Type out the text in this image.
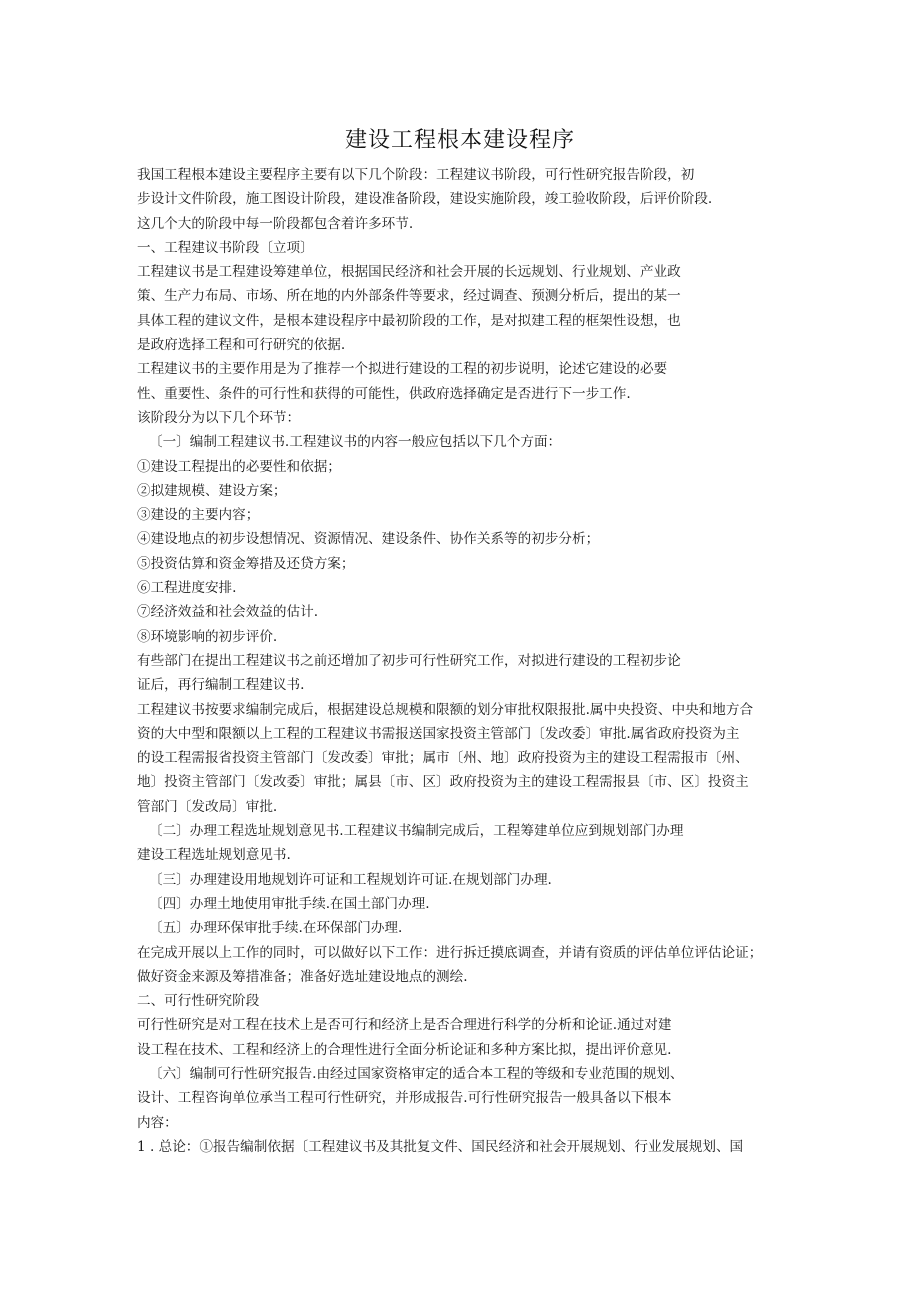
建设工程根本建设程序
我国工程根本建设主要程序主要有以下几个阶段：工程建议书阶段，可行性研究报告阶段，初
步设计文件阶段，施工图设计阶段，建设准备阶段，建设实施阶段，竣工验收阶段，后评价阶段.
这几个大的阶段中每一阶段都包含着许多环节.
一、工程建议书阶段〔立项〕
工程建议书是工程建设筹建单位，根据国民经济和社会开展的长远规划、行业规划、产业政
策、生产力布局、市场、所在地的内外部条件等要求，经过调查、预测分析后，提出的某一
具体工程的建议文件，是根本建设程序中最初阶段的工作，是对拟建工程的框架性设想，也
是政府选择工程和可行研究的依据.
工程建议书的主要作用是为了推荐一个拟进行建设的工程的初步说明，论述它建设的必要
性、重要性、条件的可行性和获得的可能性，供政府选择确定是否进行下一步工作.
该阶段分为以下几个环节：
〔一〕编制工程建议书.工程建议书的内容一般应包括以下几个方面：
①建设工程提出的必要性和依据；
②拟建规模、建设方案；
③建设的主要内容；
④建设地点的初步设想情况、资源情况、建设条件、协作关系等的初步分析；
⑤投资估算和资金筹措及还贷方案；
⑥工程进度安排.
⑦经济效益和社会效益的估计.
⑧环境影响的初步评价.
有些部门在提出工程建议书之前还增加了初步可行性研究工作，对拟进行建设的工程初步论
证后，再行编制工程建议书.
工程建议书按要求编制完成后，根据建设总规模和限额的划分审批权限报批.属中央投资、中央和地方合
资的大中型和限额以上工程的工程建议书需报送国家投资主管部门〔发改委〕审批.属省政府投资为主
的设工程需报省投资主管部门〔发改委〕审批；属市〔州、地〕政府投资为主的建设工程需报市〔州、
地〕投资主管部门〔发改委〕审批；属县〔市、区〕政府投资为主的建设工程需报县〔市、区〕投资主
管部门〔发改局〕审批.
〔二〕办理工程选址规划意见书.工程建议书编制完成后，工程筹建单位应到规划部门办理
建设工程选址规划意见书.
〔三〕办理建设用地规划许可证和工程规划许可证.在规划部门办理.
〔四〕办理土地使用审批手续.在国土部门办理.
〔五〕办理环保审批手续.在环保部门办理.
在完成开展以上工作的同时，可以做好以下工作：进行拆迁摸底调查，并请有资质的评估单位评估论证；
做好资金来源及筹措准备；准备好选址建设地点的测绘.
二、可行性研究阶段
可行性研究是对工程在技术上是否可行和经济上是否合理进行科学的分析和论证.通过对建
设工程在技术、工程和经济上的合理性进行全面分析论证和多种方案比拟，提出评价意见.
〔六〕编制可行性研究报告.由经过国家资格审定的适合本工程的等级和专业范围的规划、
设计、工程咨询单位承当工程可行性研究，并形成报告.可行性研究报告一般具备以下根本
内容：
1 . 总论：①报告编制依据〔工程建议书及其批复文件、国民经济和社会开展规划、行业发展规划、国
